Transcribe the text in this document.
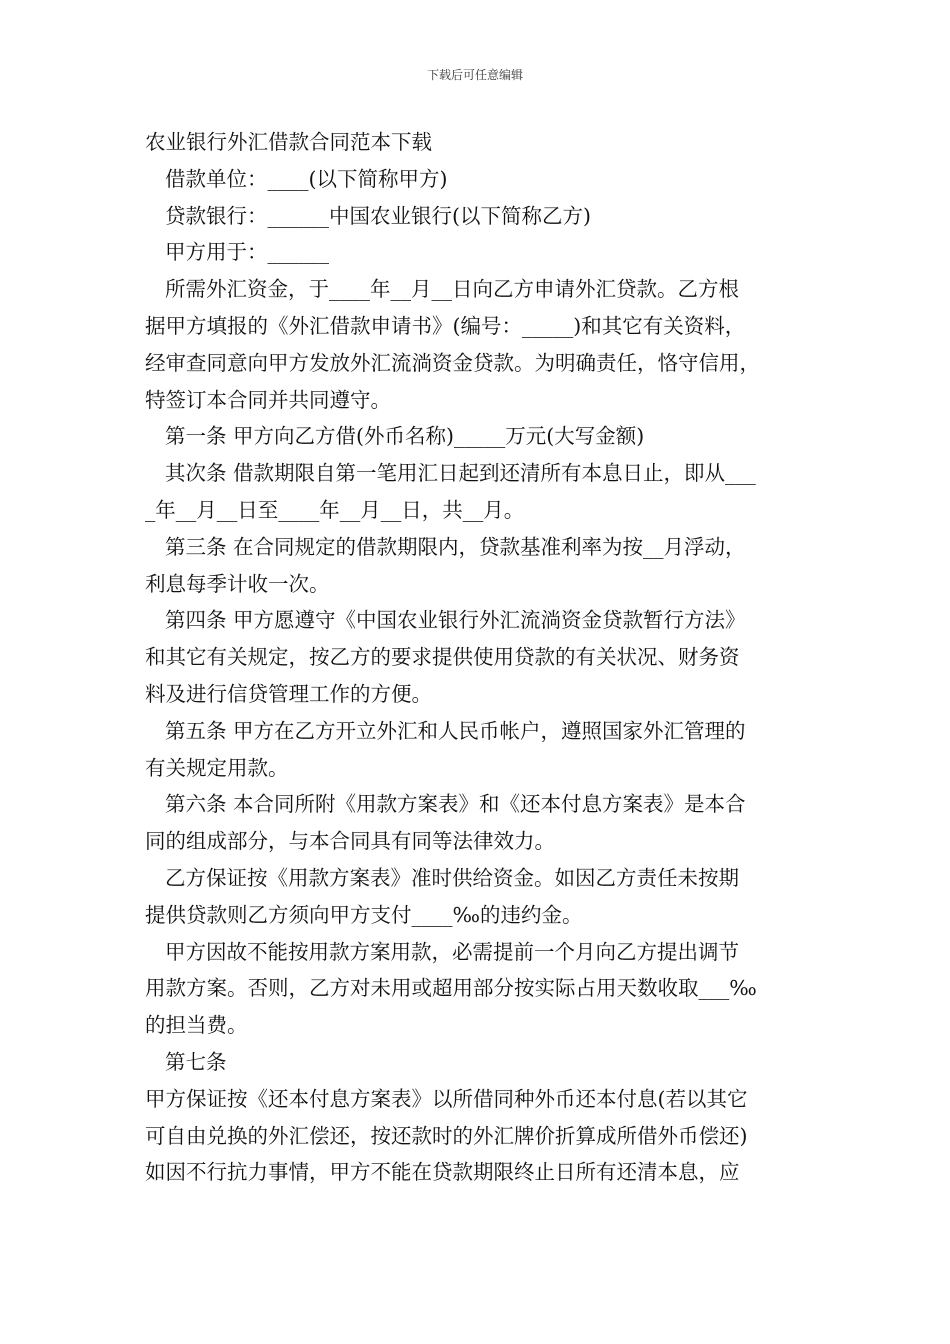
下载后可任意编辑
农业银行外汇借款合同范本下载
借款单位：____(以下简称甲方)
贷款银行：______中国农业银行(以下简称乙方)
甲方用于：______
所需外汇资金，于____年__月__日向乙方申请外汇贷款。乙方根
据甲方填报的《外汇借款申请书》(编号：_____)和其它有关资料，
经审查同意向甲方发放外汇流淌资金贷款。为明确责任，恪守信用，
特签订本合同并共同遵守。
第一条 甲方向乙方借(外币名称)_____万元(大写金额)
其次条 借款期限自第一笔用汇日起到还清所有本息日止，即从___
_年__月__日至____年__月__日，共__月。
第三条 在合同规定的借款期限内，贷款基准利率为按__月浮动，
利息每季计收一次。
第四条 甲方愿遵守《中国农业银行外汇流淌资金贷款暂行方法》
和其它有关规定，按乙方的要求提供使用贷款的有关状况、财务资
料及进行信贷管理工作的方便。
第五条 甲方在乙方开立外汇和人民币帐户，遵照国家外汇管理的
有关规定用款。
第六条 本合同所附《用款方案表》和《还本付息方案表》是本合
同的组成部分，与本合同具有同等法律效力。
乙方保证按《用款方案表》准时供给资金。如因乙方责任未按期
提供贷款则乙方须向甲方支付____‰的违约金。
甲方因故不能按用款方案用款，必需提前一个月向乙方提出调节
用款方案。否则，乙方对未用或超用部分按实际占用天数收取___‰
的担当费。
第七条
甲方保证按《还本付息方案表》以所借同种外币还本付息(若以其它
可自由兑换的外汇偿还，按还款时的外汇牌价折算成所借外币偿还)
如因不行抗力事情，甲方不能在贷款期限终止日所有还清本息，应
